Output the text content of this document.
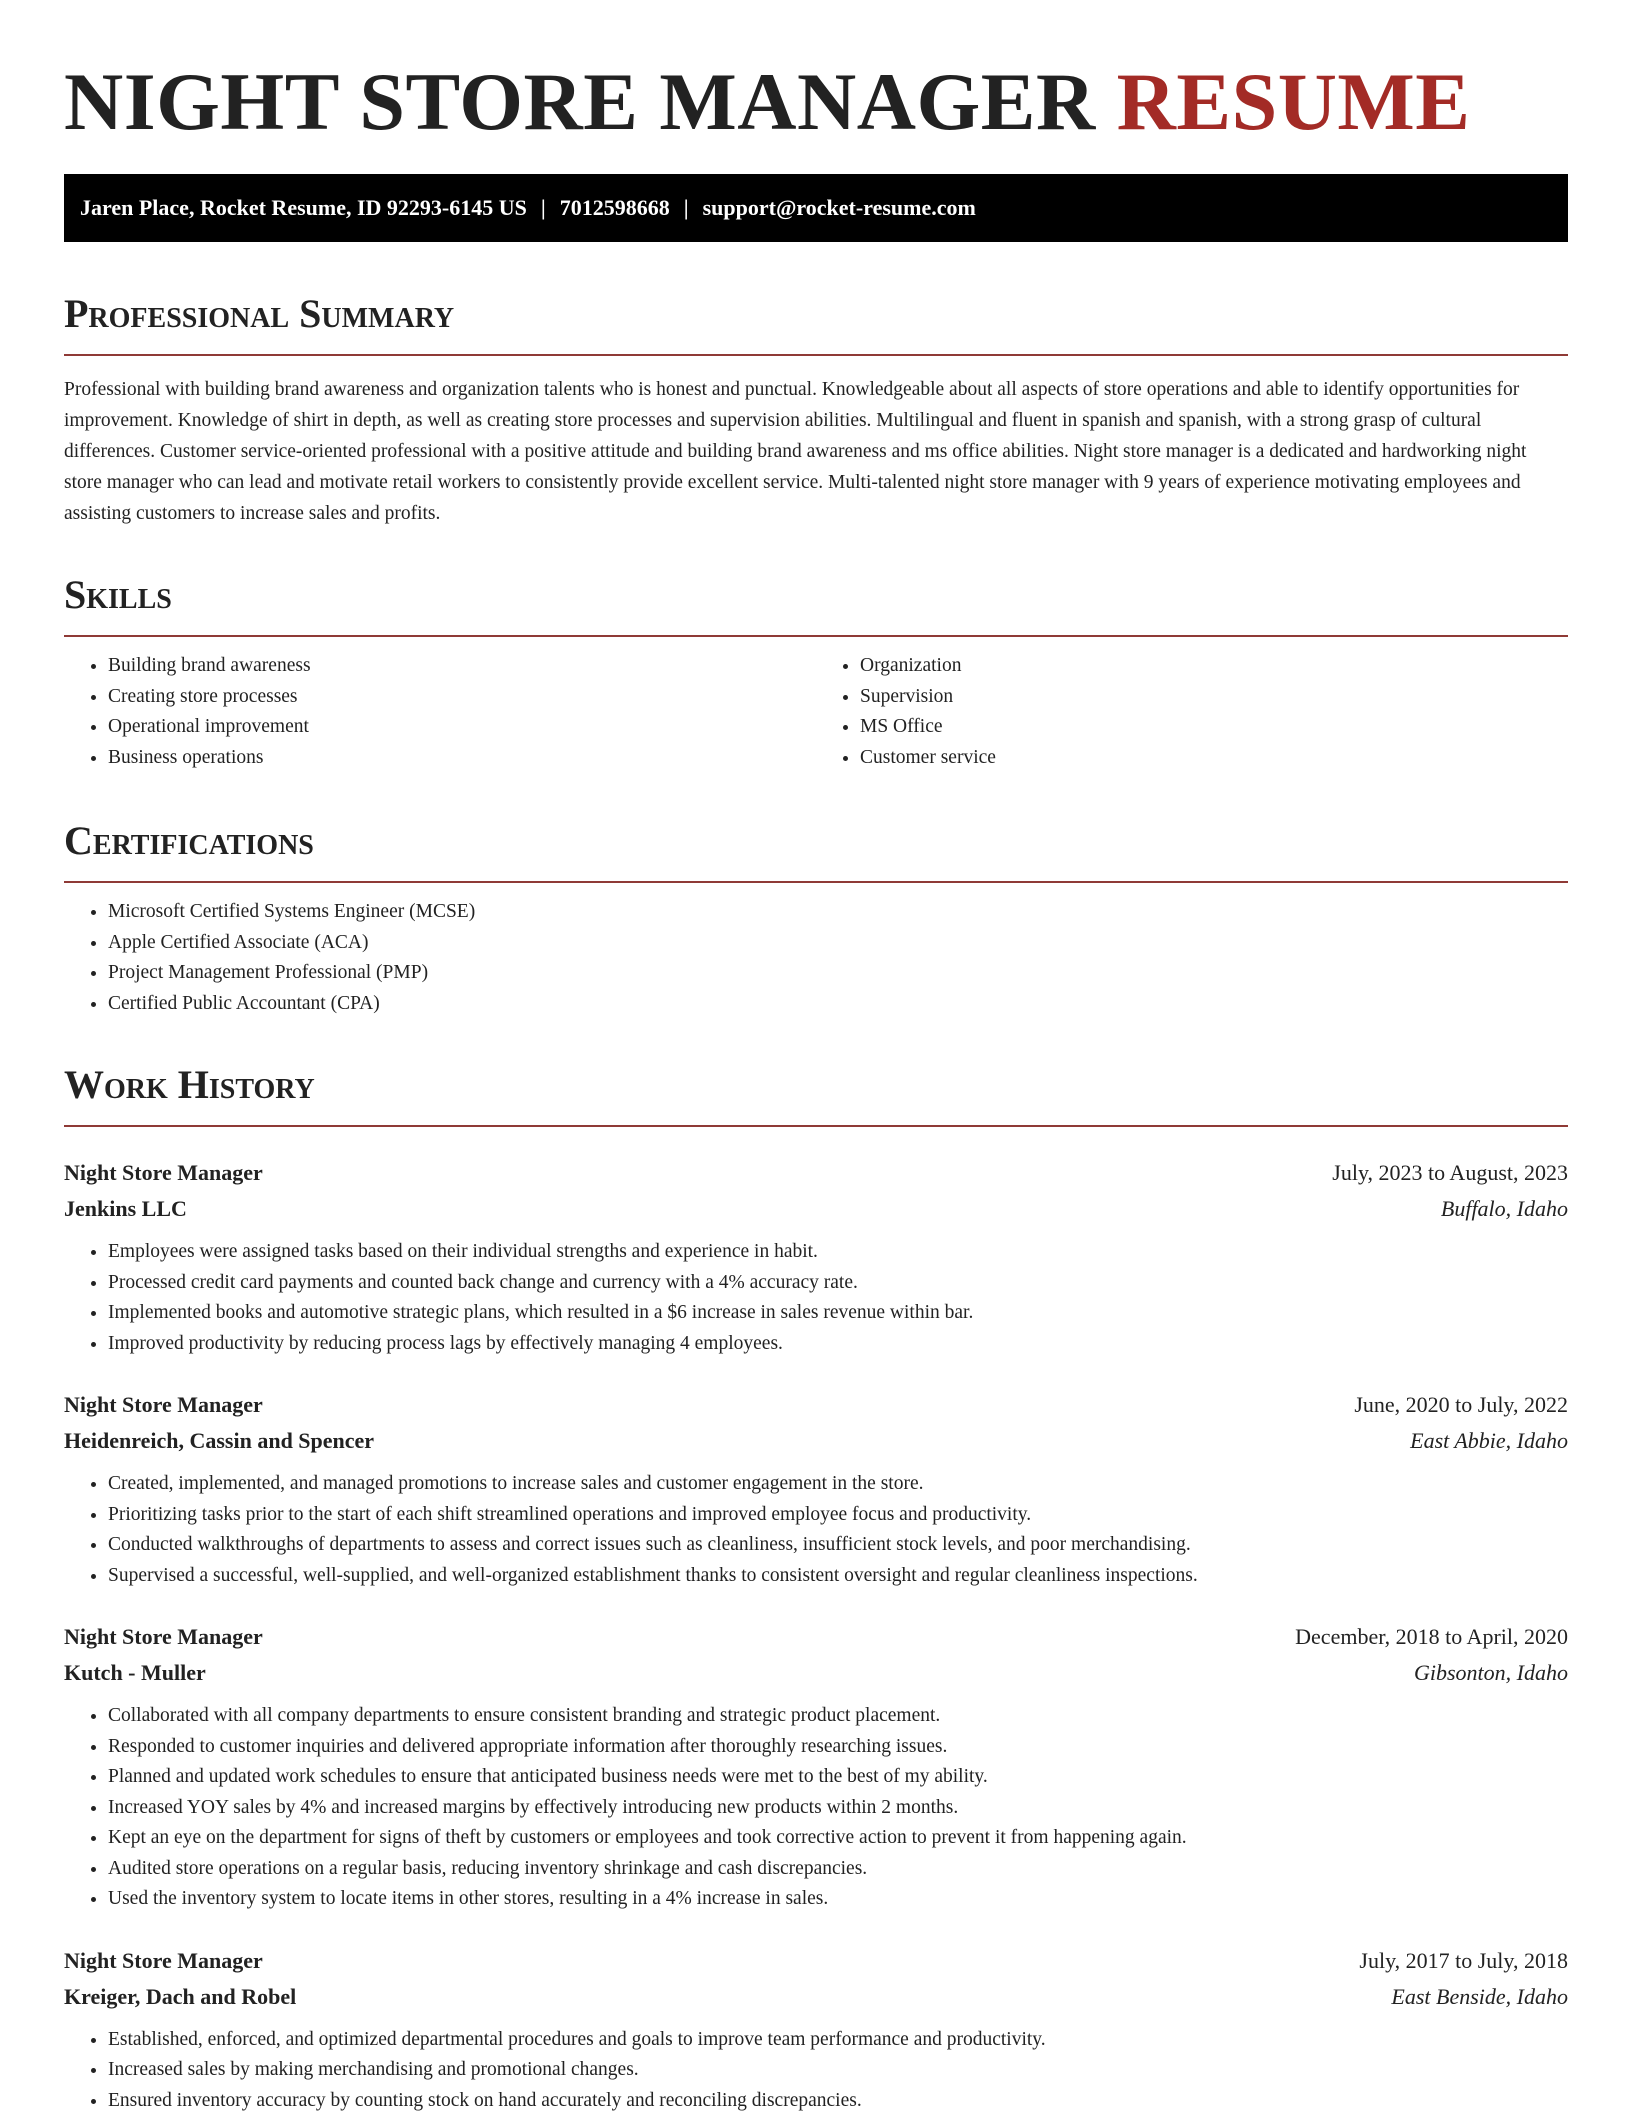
NIGHT STORE MANAGER RESUME
Jaren Place, Rocket Resume, ID 92293-6145 US | 7012598668 | support@rocket-resume.com
Professional Summary

Professional with building brand awareness and organization talents who is honest and punctual. Knowledgeable about all aspects of store operations and able to identify opportunities for improvement. Knowledge of shirt in depth, as well as creating store processes and supervision abilities. Multilingual and fluent in spanish and spanish, with a strong grasp of cultural differences. Customer service-oriented professional with a positive attitude and building brand awareness and ms office abilities. Night store manager is a dedicated and hardworking night store manager who can lead and motivate retail workers to consistently provide excellent service. Multi-talented night store manager with 9 years of experience motivating employees and assisting customers to increase sales and profits.

Skills
• Building brand awareness
• Creating store processes
• Operational improvement
• Business operations
• Organization
• Supervision
• MS Office
• Customer service
Certifications
• Microsoft Certified Systems Engineer (MCSE)
• Apple Certified Associate (ACA)
• Project Management Professional (PMP)
• Certified Public Accountant (CPA)
Work History
Night Store Manager	July, 2023 to August, 2023
Jenkins LLC	Buffalo, Idaho
• Employees were assigned tasks based on their individual strengths and experience in habit.
• Processed credit card payments and counted back change and currency with a 4% accuracy rate.
• Implemented books and automotive strategic plans, which resulted in a $6 increase in sales revenue within bar.
• Improved productivity by reducing process lags by effectively managing 4 employees.
Night Store Manager	June, 2020 to July, 2022
Heidenreich, Cassin and Spencer	East Abbie, Idaho
• Created, implemented, and managed promotions to increase sales and customer engagement in the store.
• Prioritizing tasks prior to the start of each shift streamlined operations and improved employee focus and productivity.
• Conducted walkthroughs of departments to assess and correct issues such as cleanliness, insufficient stock levels, and poor merchandising.
• Supervised a successful, well-supplied, and well-organized establishment thanks to consistent oversight and regular cleanliness inspections.
Night Store Manager	December, 2018 to April, 2020
Kutch - Muller	Gibsonton, Idaho
• Collaborated with all company departments to ensure consistent branding and strategic product placement.
• Responded to customer inquiries and delivered appropriate information after thoroughly researching issues.
• Planned and updated work schedules to ensure that anticipated business needs were met to the best of my ability.
• Increased YOY sales by 4% and increased margins by effectively introducing new products within 2 months.
• Kept an eye on the department for signs of theft by customers or employees and took corrective action to prevent it from happening again.
• Audited store operations on a regular basis, reducing inventory shrinkage and cash discrepancies.
• Used the inventory system to locate items in other stores, resulting in a 4% increase in sales.
Night Store Manager	July, 2017 to July, 2018
Kreiger, Dach and Robel	East Benside, Idaho
• Established, enforced, and optimized departmental procedures and goals to improve team performance and productivity.
• Increased sales by making merchandising and promotional changes.
• Ensured inventory accuracy by counting stock on hand accurately and reconciling discrepancies.
